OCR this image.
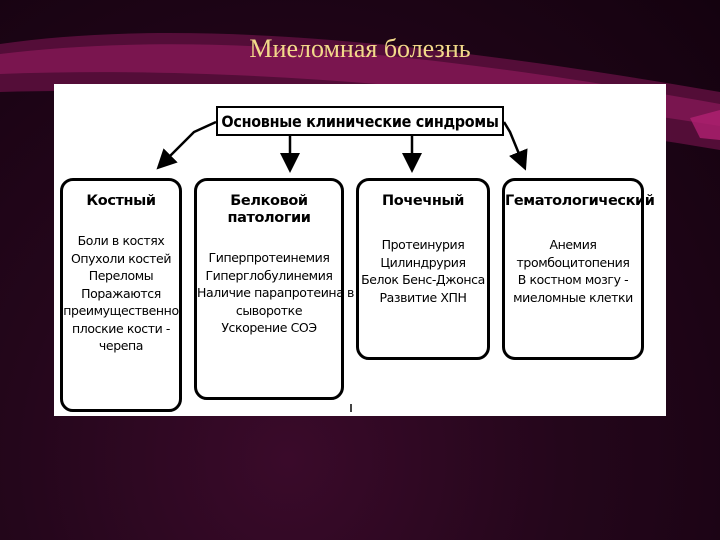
Миеломная болезнь
Основные клинические синдромы
Костный
Боли в костях
Опухоли костей
Переломы
Поражаются
преимущественно
плоские кости -
черепа
Белковой
патологии
Гиперпротеинемия
Гиперглобулинемия
Наличие парапротеина в
сыворотке
Ускорение СОЭ
Почечный
Протеинурия
Цилиндрурия
Белок Бенс-Джонса
Развитие ХПН
Гематологический
Анемия
тромбоцитопения
В костном мозгу -
миеломные клетки
